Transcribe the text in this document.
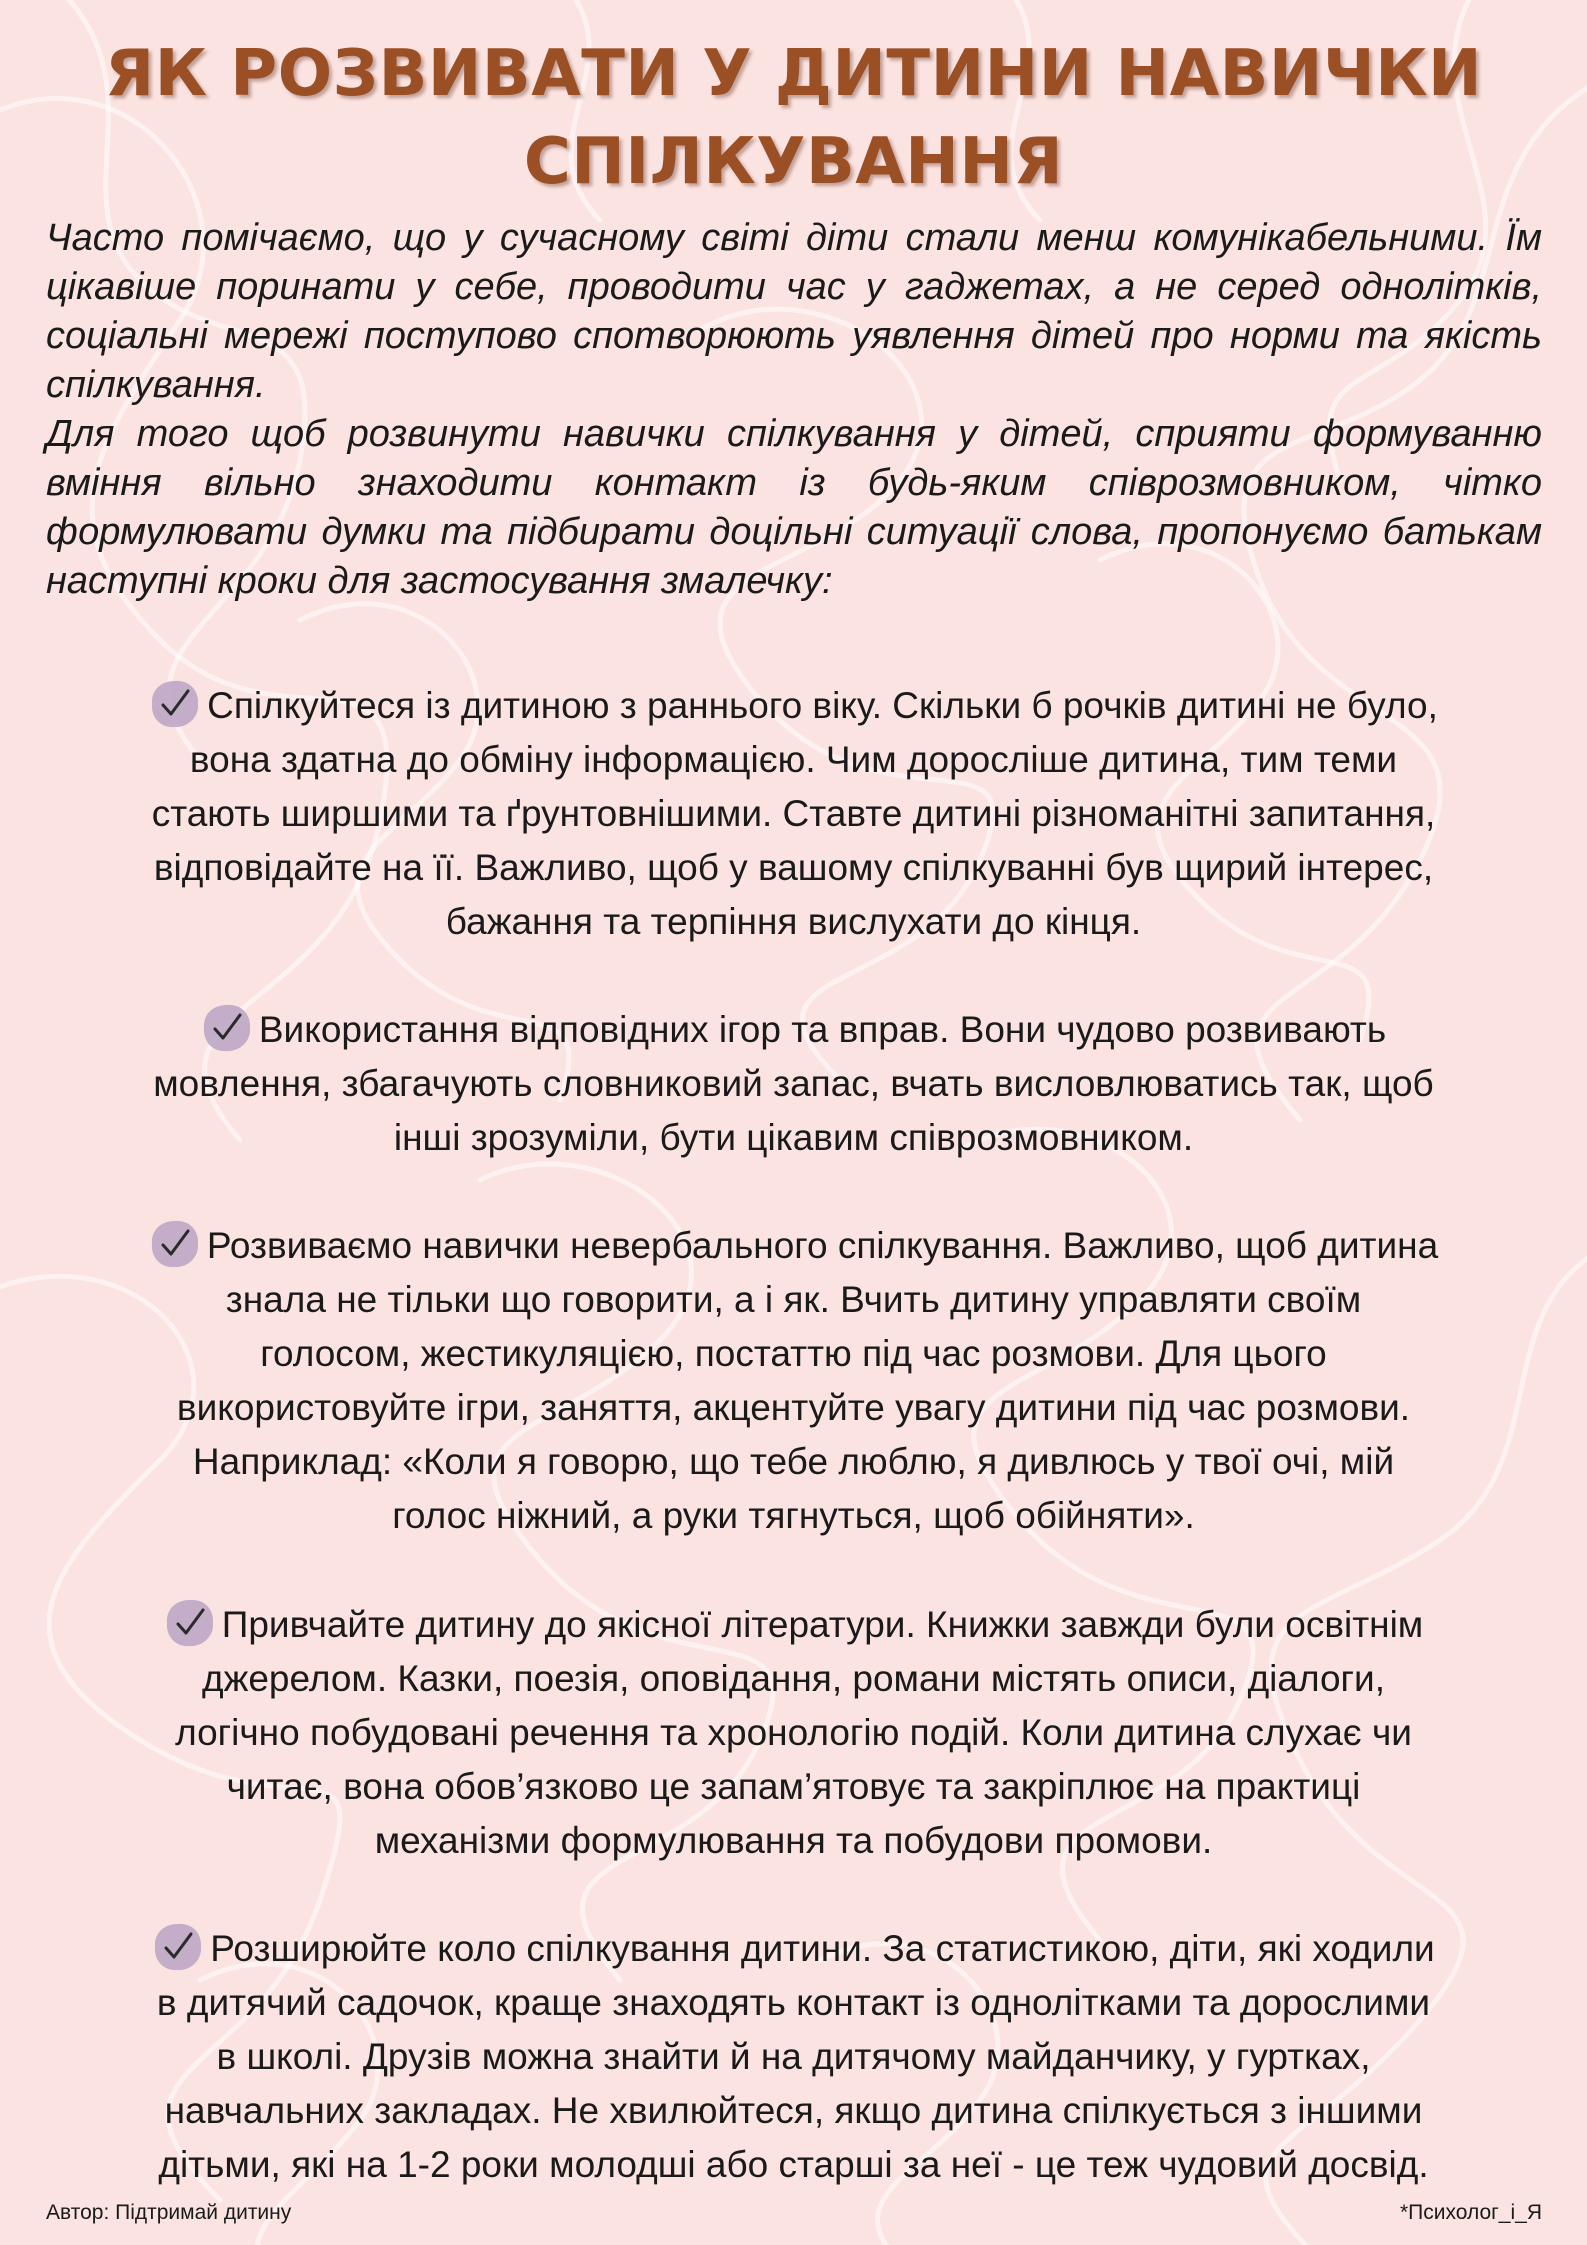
ЯК РОЗВИВАТИ У ДИТИНИ НАВИЧКИ
СПІЛКУВАННЯ

Часто помічаємо, що у сучасному світі діти стали менш комунікабельними. Їм цікавіше поринати у себе, проводити час у гаджетах, а не серед однолітків, соціальні мережі поступово спотворюють уявлення дітей про норми та якість спілкування.

Для того щоб розвинути навички спілкування у дітей, сприяти формуванню вміння вільно знаходити контакт із будь-яким співрозмовником, чітко формулювати думки та підбирати доцільні ситуації слова, пропонуємо батькам наступні кроки для застосування змалечку:

Спілкуйтеся із дитиною з раннього віку. Скільки б рочків дитині не було,
вона здатна до обміну інформацією. Чим доросліше дитина, тим теми
стають ширшими та ґрунтовнішими. Ставте дитині різноманітні запитання,
відповідайте на її. Важливо, щоб у вашому спілкуванні був щирий інтерес,
бажання та терпіння вислухати до кінця.
Використання відповідних ігор та вправ. Вони чудово розвивають
мовлення, збагачують словниковий запас, вчать висловлюватись так, щоб
інші зрозуміли, бути цікавим співрозмовником.
Розвиваємо навички невербального спілкування. Важливо, щоб дитина
знала не тільки що говорити, а і як. Вчить дитину управляти своїм
голосом, жестикуляцією, постаттю під час розмови. Для цього
використовуйте ігри, заняття, акцентуйте увагу дитини під час розмови.
Наприклад: «Коли я говорю, що тебе люблю, я дивлюсь у твої очі, мій
голос ніжний, а руки тягнуться, щоб обійняти».
Привчайте дитину до якісної літератури. Книжки завжди були освітнім
джерелом. Казки, поезія, оповідання, романи містять описи, діалоги,
логічно побудовані речення та хронологію подій. Коли дитина слухає чи
читає, вона обов’язково це запам’ятовує та закріплює на практиці
механізми формулювання та побудови промови.
Розширюйте коло спілкування дитини. За статистикою, діти, які ходили
в дитячий садочок, краще знаходять контакт із однолітками та дорослими
в школі. Друзів можна знайти й на дитячому майданчику, у гуртках,
навчальних закладах. Не хвилюйтеся, якщо дитина спілкується з іншими
дітьми, які на 1-2 роки молодші або старші за неї - це теж чудовий досвід.
Автор: Підтримай дитину	*Психолог_і_Я
